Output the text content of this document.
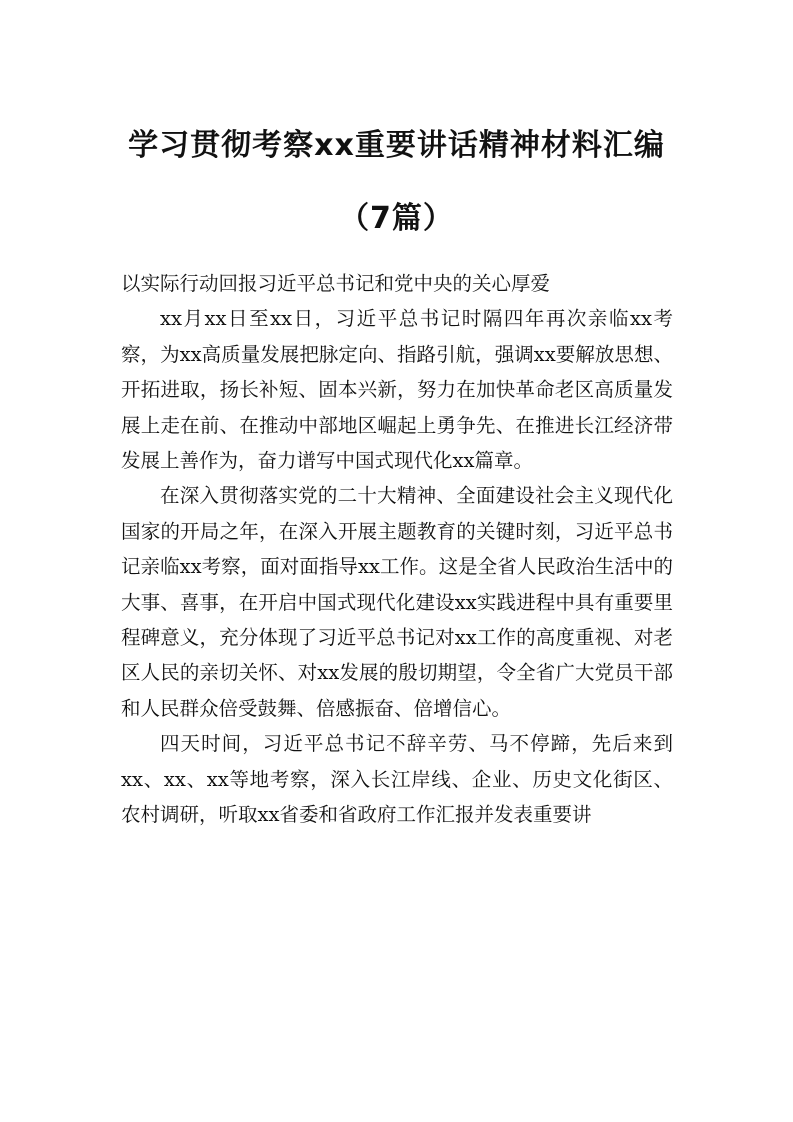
学习贯彻考察xx重要讲话精神材料汇编
（7篇）

以实际行动回报习近平总书记和党中央的关心厚爱

xx月xx日至xx日，习近平总书记时隔四年再次亲临xx考察，为xx高质量发展把脉定向、指路引航，强调xx要解放思想、开拓进取，扬长补短、固本兴新，努力在加快革命老区高质量发展上走在前、在推动中部地区崛起上勇争先、在推进长江经济带发展上善作为，奋力谱写中国式现代化xx篇章。

在深入贯彻落实党的二十大精神、全面建设社会主义现代化国家的开局之年，在深入开展主题教育的关键时刻，习近平总书记亲临xx考察，面对面指导xx工作。这是全省人民政治生活中的大事、喜事，在开启中国式现代化建设xx实践进程中具有重要里程碑意义，充分体现了习近平总书记对xx工作的高度重视、对老区人民的亲切关怀、对xx发展的殷切期望，令全省广大党员干部和人民群众倍受鼓舞、倍感振奋、倍增信心。

四天时间，习近平总书记不辞辛劳、马不停蹄，先后来到xx、xx、xx等地考察，深入长江岸线、企业、历史文化街区、农村调研，听取xx省委和省政府工作汇报并发表重要讲
